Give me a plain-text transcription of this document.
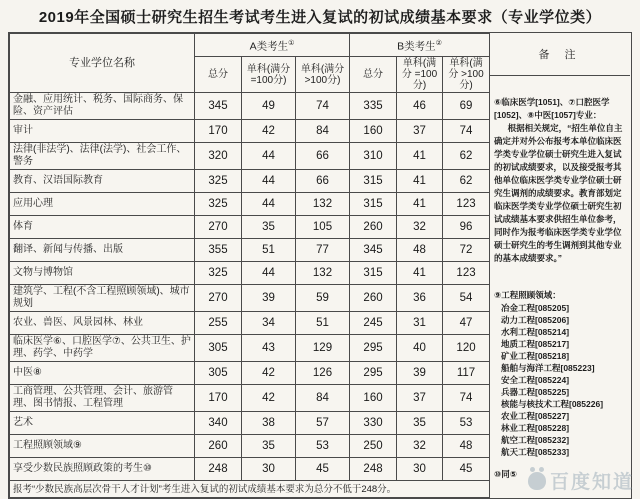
2019年全国硕士研究生招生考试考生进入复试的初试成绩基本要求（专业学位类）
专业学位名称	A类考生①			B类考生②
	总分	单科(满分 =100分)	单科(满分 >100分)	总分	单科(满分 =100分)	单科(满分 >100分)
金融、应用统计、税务、国际商务、保险、资产评估	345	49	74	335	46	69
审计	170	42	84	160	37	74
法律(非法学)、法律(法学)、社会工作、警务	320	44	66	310	41	62
教育、汉语国际教育	325	44	66	315	41	62
应用心理	325	44	132	315	41	123
体育	270	35	105	260	32	96
翻译、新闻与传播、出版	355	51	77	345	48	72
文物与博物馆	325	44	132	315	41	123
建筑学、工程(不含工程照顾领域)、城市规划	270	39	59	260	36	54
农业、兽医、风景园林、林业	255	34	51	245	31	47
临床医学⑥、口腔医学⑦、公共卫生、护理、药学、中药学	305	43	129	295	40	120
中医⑧	305	42	126	295	39	117
工商管理、公共管理、会计、旅游管理、图书情报、工程管理	170	42	84	160	37	74
艺术	340	38	57	330	35	53
工程照顾领域⑨	260	35	53	250	32	48
享受少数民族照顾政策的考生⑩	248	30	45	248	30	45
报考“少数民族高层次骨干人才计划”考生进入复试的初试成绩基本要求为总分不低于248分。						
备 注
⑥临床医学[1051]、⑦口腔医学[1052]、⑧中医[1057]专业：
根据相关规定，“招生单位自主确定并对外公布报考本单位临床医学类专业学位硕士研究生进入复试的初试成绩要求，以及接受报考其他单位临床医学类专业学位硕士研究生调剂的成绩要求。教育部划定临床医学类专业学位硕士研究生初试成绩基本要求供招生单位参考，同时作为报考临床医学类专业学位硕士研究生的考生调剂到其他专业的基本成绩要求。”
⑨工程照顾领域：
冶金工程[085205]
动力工程[085206]
水利工程[085214]
地质工程[085217]
矿业工程[085218]
船舶与海洋工程[085223]
安全工程[085224]
兵器工程[085225]
核能与核技术工程[085226]
农业工程[085227]
林业工程[085228]
航空工程[085232]
航天工程[085233]
⑩同⑤	百度知道
